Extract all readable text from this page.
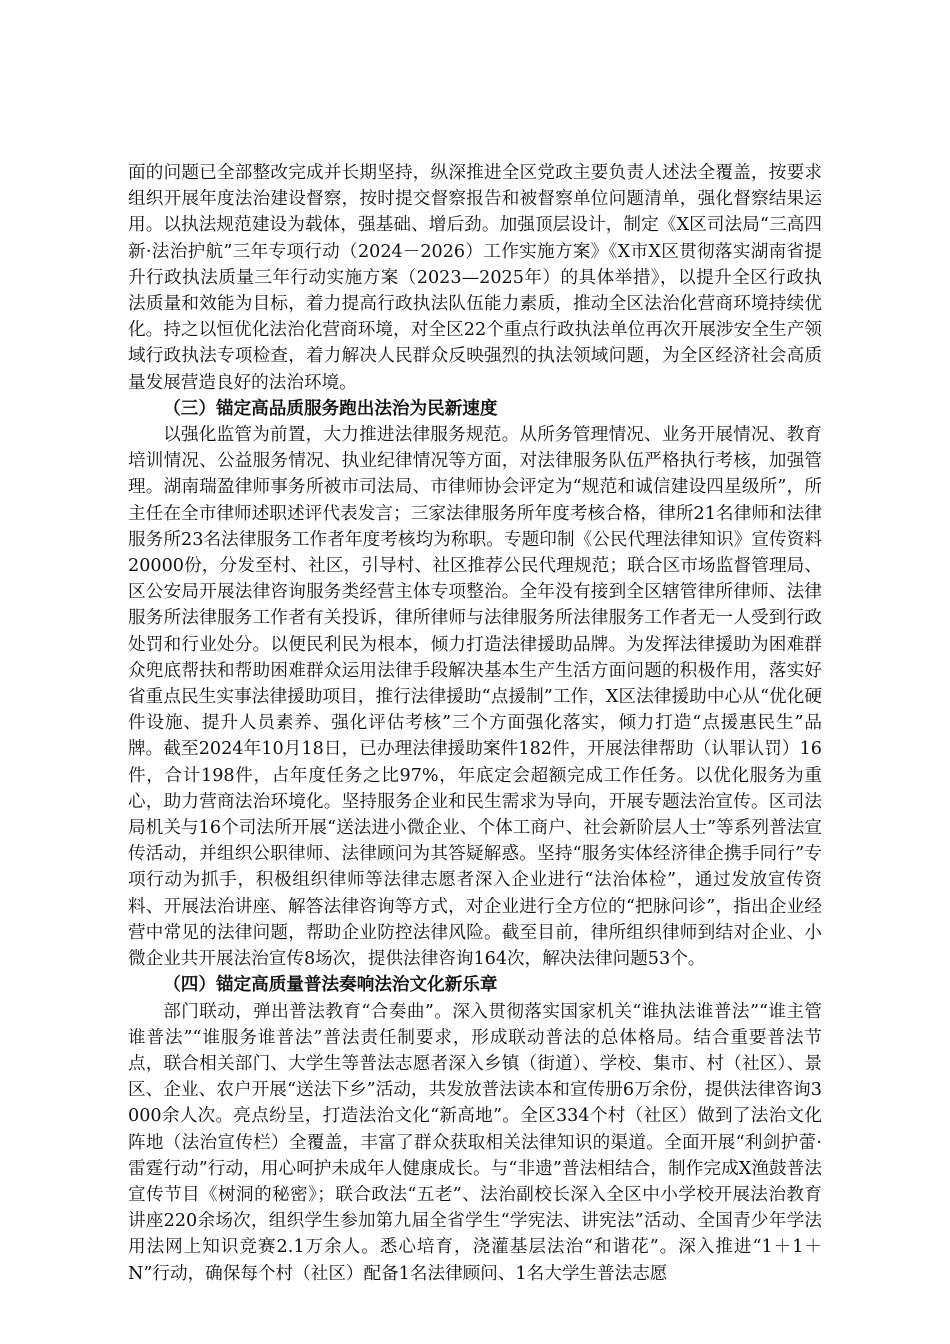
面的问题已全部整改完成并长期坚持，纵深推进全区党政主要负责人述法全覆盖，按要求组织开展年度法治建设督察，按时提交督察报告和被督察单位问题清单，强化督察结果运用。以执法规范建设为载体，强基础、增后劲。加强顶层设计，制定《X区司法局“三高四新·法治护航”三年专项行动（2024－2026）工作实施方案》《X市X区贯彻落实湖南省提升行政执法质量三年行动实施方案（2023—2025年）的具体举措》，以提升全区行政执法质量和效能为目标，着力提高行政执法队伍能力素质，推动全区法治化营商环境持续优化。持之以恒优化法治化营商环境，对全区22个重点行政执法单位再次开展涉安全生产领域行政执法专项检查，着力解决人民群众反映强烈的执法领域问题，为全区经济社会高质量发展营造良好的法治环境。

（三）锚定高品质服务跑出法治为民新速度

以强化监管为前置，大力推进法律服务规范。从所务管理情况、业务开展情况、教育培训情况、公益服务情况、执业纪律情况等方面，对法律服务队伍严格执行考核，加强管理。湖南瑞盈律师事务所被市司法局、市律师协会评定为“规范和诚信建设四星级所”，所主任在全市律师述职述评代表发言；三家法律服务所年度考核合格，律所21名律师和法律服务所23名法律服务工作者年度考核均为称职。专题印制《公民代理法律知识》宣传资料20000份，分发至村、社区，引导村、社区推荐公民代理规范；联合区市场监督管理局、区公安局开展法律咨询服务类经营主体专项整治。全年没有接到全区辖管律所律师、法律服务所法律服务工作者有关投诉，律所律师与法律服务所法律服务工作者无一人受到行政处罚和行业处分。以便民利民为根本，倾力打造法律援助品牌。为发挥法律援助为困难群众兜底帮扶和帮助困难群众运用法律手段解决基本生产生活方面问题的积极作用，落实好省重点民生实事法律援助项目，推行法律援助“点援制”工作，X区法律援助中心从“优化硬件设施、提升人员素养、强化评估考核”三个方面强化落实，倾力打造“点援惠民生”品牌。截至2024年10月18日，已办理法律援助案件182件，开展法律帮助（认罪认罚）16件，合计198件，占年度任务之比97%，年底定会超额完成工作任务。以优化服务为重心，助力营商法治环境化。坚持服务企业和民生需求为导向，开展专题法治宣传。区司法局机关与16个司法所开展“送法进小微企业、个体工商户、社会新阶层人士”等系列普法宣传活动，并组织公职律师、法律顾问为其答疑解惑。坚持“服务实体经济律企携手同行”专项行动为抓手，积极组织律师等法律志愿者深入企业进行“法治体检”，通过发放宣传资料、开展法治讲座、解答法律咨询等方式，对企业进行全方位的“把脉问诊”，指出企业经营中常见的法律问题，帮助企业防控法律风险。截至目前，律所组织律师到结对企业、小微企业共开展法治宣传8场次，提供法律咨询164次，解决法律问题53个。

（四）锚定高质量普法奏响法治文化新乐章

部门联动，弹出普法教育“合奏曲”。深入贯彻落实国家机关“谁执法谁普法”“谁主管谁普法”“谁服务谁普法”普法责任制要求，形成联动普法的总体格局。结合重要普法节点，联合相关部门、大学生等普法志愿者深入乡镇（街道）、学校、集市、村（社区）、景区、企业、农户开展“送法下乡”活动，共发放普法读本和宣传册6万余份，提供法律咨询3000余人次。亮点纷呈，打造法治文化“新高地”。全区334个村（社区）做到了法治文化阵地（法治宣传栏）全覆盖，丰富了群众获取相关法律知识的渠道。全面开展“利剑护蕾·雷霆行动”行动，用心呵护未成年人健康成长。与“非遗”普法相结合，制作完成X渔鼓普法宣传节目《树洞的秘密》；联合政法“五老”、法治副校长深入全区中小学校开展法治教育讲座220余场次，组织学生参加第九届全省学生“学宪法、讲宪法”活动、全国青少年学法用法网上知识竞赛2.1万余人。悉心培育，浇灌基层法治“和谐花”。深入推进“1＋1＋N”行动，确保每个村（社区）配备1名法律顾问、1名大学生普法志愿
